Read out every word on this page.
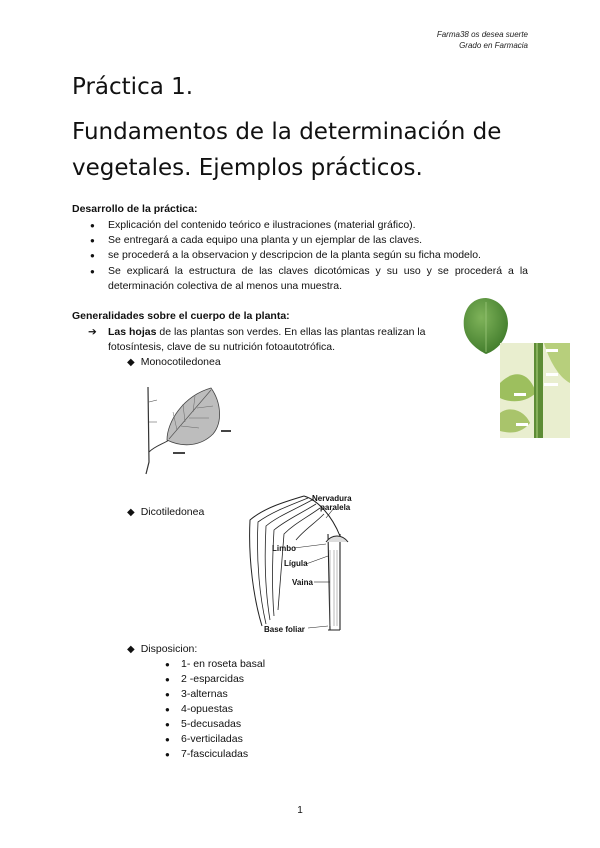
Farma38 os desea suerte
Grado en Farmacia
Práctica 1.
Fundamentos de la determinación de vegetales. Ejemplos prácticos.
Desarrollo de la práctica:
● Explicación del contenido teórico e ilustraciones (material gráfico).
● Se entregará a cada equipo una planta y un ejemplar de las claves.
● se procederá a la observacion y descripcion de la planta según su ficha modelo.
● Se explicará la estructura de las claves dicotómicas y su uso y se procederá a la determinación colectiva de al menos una muestra.
Generalidades sobre el cuerpo de la planta:
➔	Las hojas de las plantas son verdes. En ellas las plantas realizan la fotosíntesis, clave de su nutrición fotoautotrófica.
◆ Monocotiledonea
◆ Dicotiledonea
◆ Disposicion:
● 1- en roseta basal
● 2 -esparcidas
● 3-alternas
● 4-opuestas
● 5-decusadas
● 6-verticiladas
● 7-fasciculadas
Nervadura
paralela
Limbo
Lígula
Vaina
Base foliar
1
